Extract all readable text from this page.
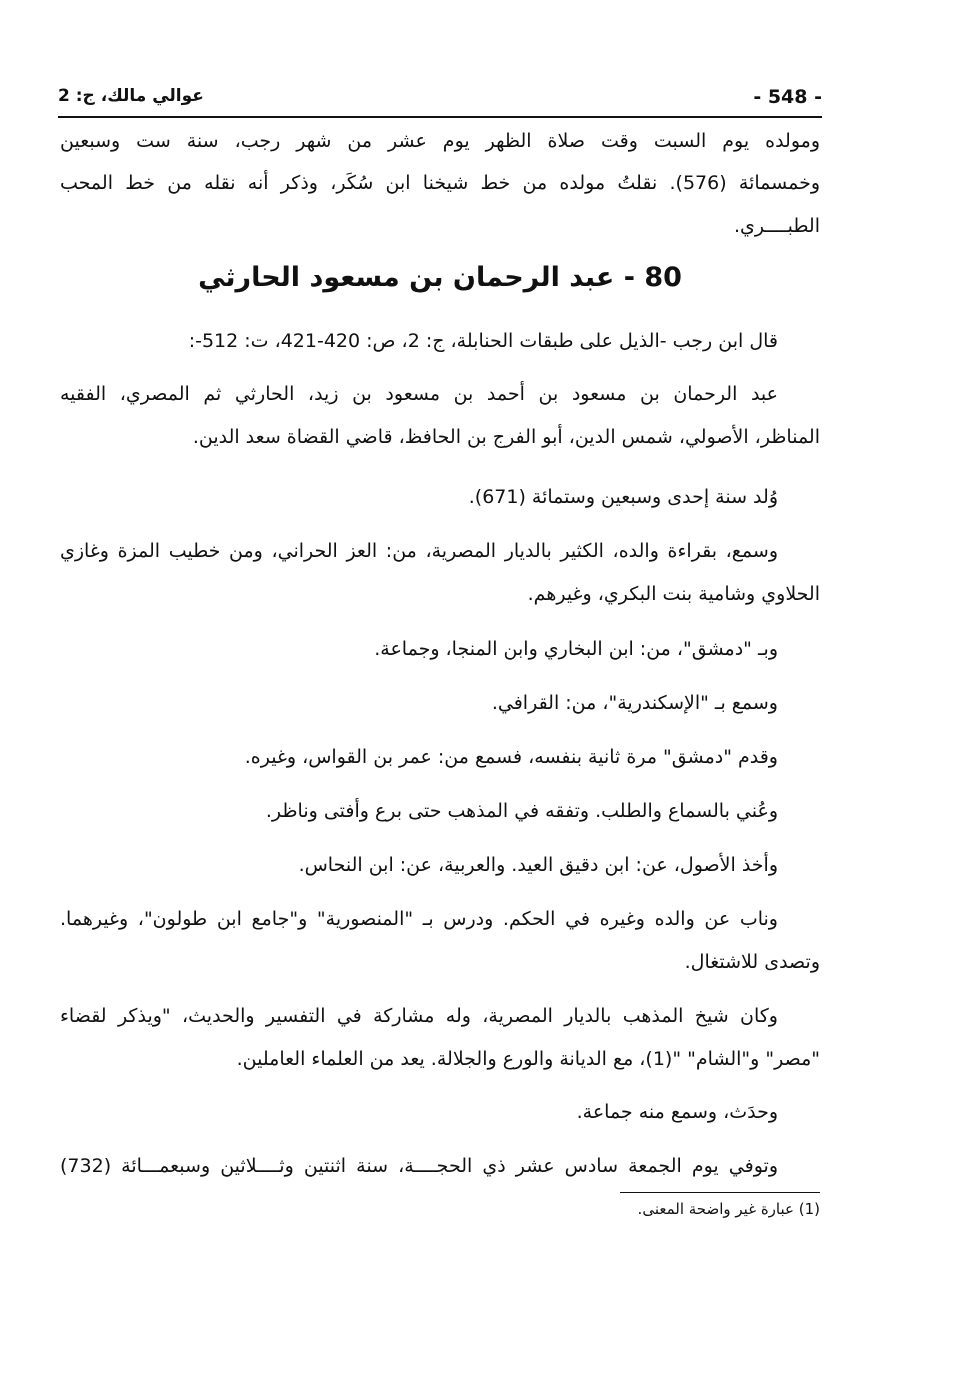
- 548 -
عوالي مالك، ج: 2
ومولده يوم السبت وقت صلاة الظهر يوم عشر من شهر رجب، سنة ست وسبعين
وخمسمائة (576). نقلتُ مولده من خط شيخنا ابن سُكَر، وذكر أنه نقله من خط المحب
الطبــــري.
80 - عبد الرحمان بن مسعود الحارثي
قال ابن رجب -الذيل على طبقات الحنابلة، ج: 2، ص: 420-421، ت: 512-:
عبد الرحمان بن مسعود بن أحمد بن مسعود بن زيد، الحارثي ثم المصري، الفقيه
المناظر، الأصولي، شمس الدين، أبو الفرج بن الحافظ، قاضي القضاة سعد الدين.
وُلد سنة إحدى وسبعين وستمائة (671).
وسمع، بقراءة والده، الكثير بالديار المصرية، من: العز الحراني، ومن خطيب المزة وغازي
الحلاوي وشامية بنت البكري، وغيرهم.
وبـ "دمشق"، من: ابن البخاري وابن المنجا، وجماعة.
وسمع بـ "الإسكندرية"، من: القرافي.
وقدم "دمشق" مرة ثانية بنفسه، فسمع من: عمر بن القواس، وغيره.
وعُني بالسماع والطلب. وتفقه في المذهب حتى برع وأفتى وناظر.
وأخذ الأصول، عن: ابن دقيق العيد. والعربية، عن: ابن النحاس.
وناب عن والده وغيره في الحكم. ودرس بـ "المنصورية" و"جامع ابن طولون"، وغيرهما.
وتصدى للاشتغال.
وكان شيخ المذهب بالديار المصرية، وله مشاركة في التفسير والحديث، "ويذكر لقضاء
"مصر" و"الشام" "(1)، مع الديانة والورع والجلالة. يعد من العلماء العاملين.
وحدَث، وسمع منه جماعة.
وتوفي يوم الجمعة سادس عشر ذي الحجــــة، سنة اثنتين وثــــلاثين وسبعمـــائة (732)
(1) عبارة غير واضحة المعنى.
